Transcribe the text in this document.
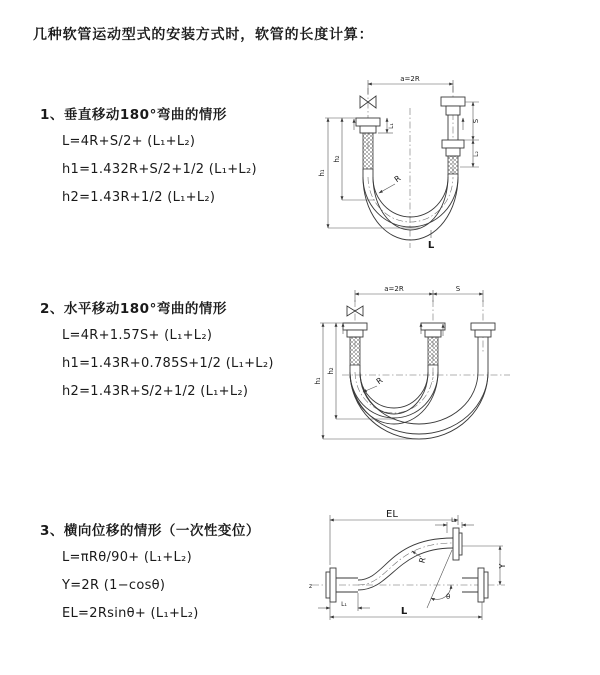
几种软管运动型式的安装方式时，软管的长度计算：
1、垂直移动180°弯曲的情形
L=4R+S/2+ (L₁+L₂)
h1=1.432R+S/2+1/2 (L₁+L₂)
h2=1.43R+1/2 (L₁+L₂)
2、水平移动180°弯曲的情形
L=4R+1.57S+ (L₁+L₂)
h1=1.43R+0.785S+1/2 (L₁+L₂)
h2=1.43R+S/2+1/2 (L₁+L₂)
3、横向位移的情形（一次性变位）
L=πRθ/90+ (L₁+L₂)
Y=2R (1−cosθ)
EL=2Rsinθ+ (L₁+L₂)
a=2R
h₁
h₂
L₁
S
L₂
R
L
a=2R	S
h₁
h₂
R
z
θ
EL
L₂
Y
R
L
L₁
